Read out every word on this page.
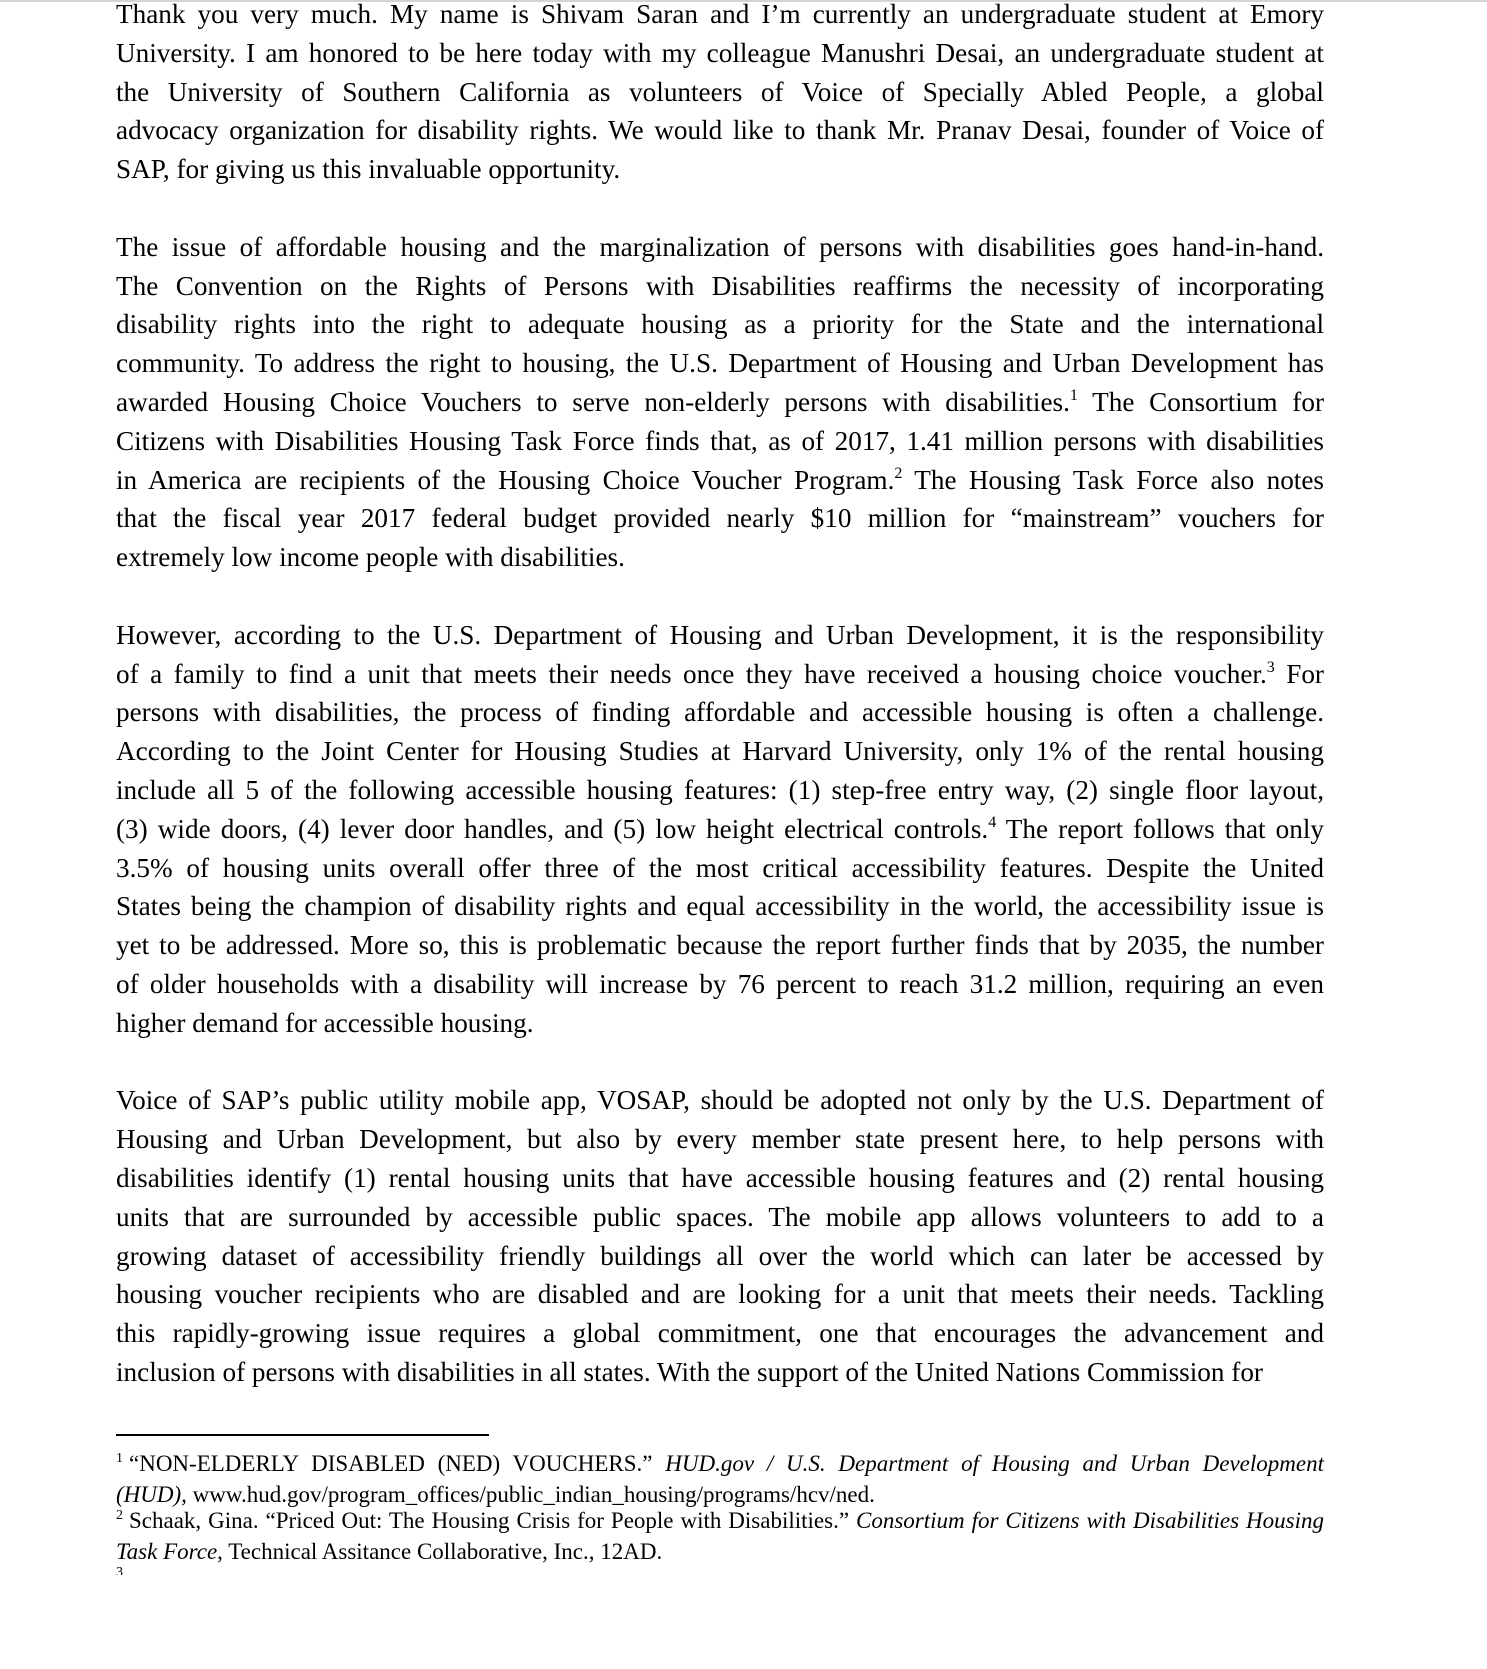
Thank you very much. My name is Shivam Saran and I’m currently an undergraduate student at Emory
University. I am honored to be here today with my colleague Manushri Desai, an undergraduate student at
the University of Southern California as volunteers of Voice of Specially Abled People, a global
advocacy organization for disability rights. We would like to thank Mr. Pranav Desai, founder of Voice of
SAP, for giving us this invaluable opportunity.

The issue of affordable housing and the marginalization of persons with disabilities goes hand-in-hand.
The Convention on the Rights of Persons with Disabilities reaffirms the necessity of incorporating
disability rights into the right to adequate housing as a priority for the State and the international
community. To address the right to housing, the U.S. Department of Housing and Urban Development has
awarded Housing Choice Vouchers to serve non-elderly persons with disabilities.$^1$ The Consortium for
Citizens with Disabilities Housing Task Force finds that, as of 2017, 1.41 million persons with disabilities
in America are recipients of the Housing Choice Voucher Program.$^2$ The Housing Task Force also notes
that the fiscal year 2017 federal budget provided nearly $10 million for “mainstream” vouchers for
extremely low income people with disabilities.

However, according to the U.S. Department of Housing and Urban Development, it is the responsibility
of a family to find a unit that meets their needs once they have received a housing choice voucher.$^3$ For
persons with disabilities, the process of finding affordable and accessible housing is often a challenge.
According to the Joint Center for Housing Studies at Harvard University, only 1% of the rental housing
include all 5 of the following accessible housing features: (1) step-free entry way, (2) single floor layout,
(3) wide doors, (4) lever door handles, and (5) low height electrical controls.$^4$ The report follows that only
3.5% of housing units overall offer three of the most critical accessibility features. Despite the United
States being the champion of disability rights and equal accessibility in the world, the accessibility issue is
yet to be addressed. More so, this is problematic because the report further finds that by 2035, the number
of older households with a disability will increase by 76 percent to reach 31.2 million, requiring an even
higher demand for accessible housing.

Voice of SAP’s public utility mobile app, VOSAP, should be adopted not only by the U.S. Department of
Housing and Urban Development, but also by every member state present here, to help persons with
disabilities identify (1) rental housing units that have accessible housing features and (2) rental housing
units that are surrounded by accessible public spaces. The mobile app allows volunteers to add to a
growing dataset of accessibility friendly buildings all over the world which can later be accessed by
housing voucher recipients who are disabled and are looking for a unit that meets their needs. Tackling
this rapidly-growing issue requires a global commitment, one that encourages the advancement and
inclusion of persons with disabilities in all states. With the support of the United Nations Commission for

$^1$ “NON-ELDERLY DISABLED (NED) VOUCHERS.” HUD.gov / U.S. Department of Housing and Urban Development
(HUD), www.hud.gov/program_offices/public_indian_housing/programs/hcv/ned.
$^2$ Schaak, Gina. “Priced Out: The Housing Crisis for People with Disabilities.” Consortium for Citizens with Disabilities Housing
Task Force, Technical Assitance Collaborative, Inc., 12AD.
$^3$
